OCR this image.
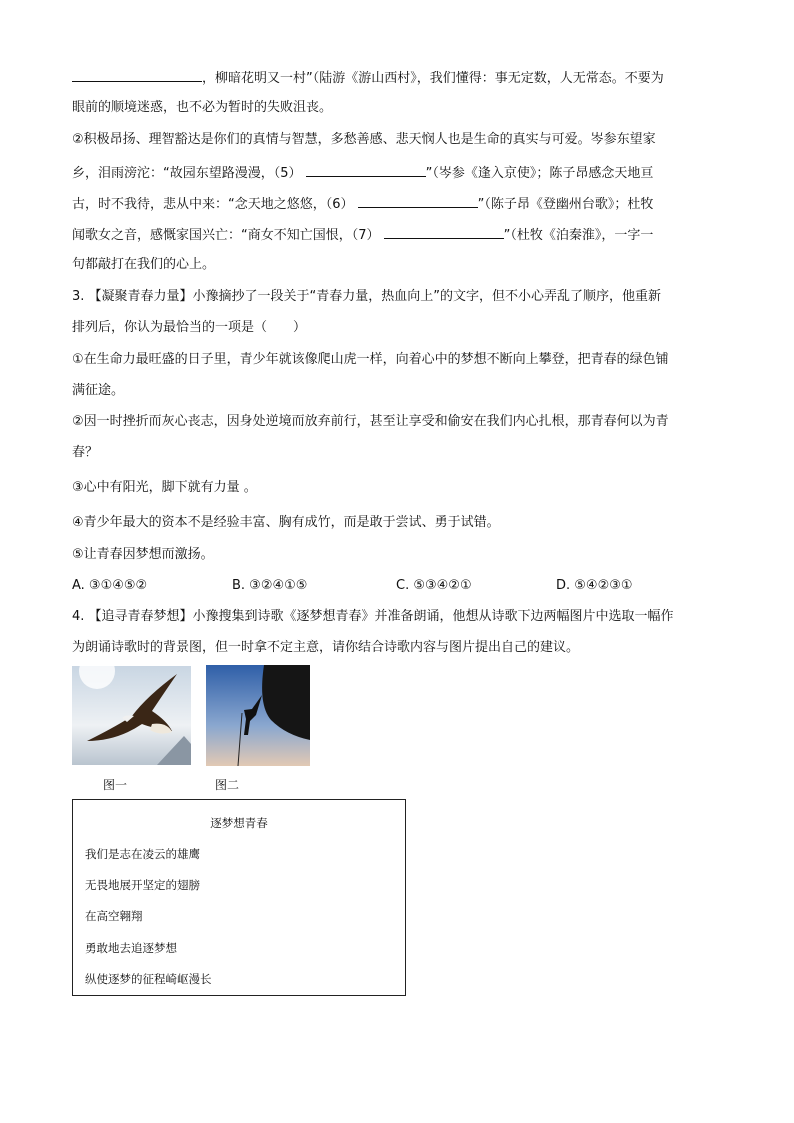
，柳暗花明又一村”（陆游《游山西村》，我们懂得：事无定数，人无常态。不要为
眼前的顺境迷惑，也不必为暂时的失败沮丧。
②积极昂扬、理智豁达是你们的真情与智慧，多愁善感、悲天悯人也是生命的真实与可爱。岑参东望家
乡，泪雨滂沱：“故园东望路漫漫，（5）	”（岑参《逢入京使》；陈子昂感念天地亘
古，时不我待，悲从中来：“念天地之悠悠，（6）	”（陈子昂《登幽州台歌》；杜牧
闻歌女之音，感慨家国兴亡：“商女不知亡国恨，（7）	”（杜牧《泊秦淮》，一字一
句都敲打在我们的心上。
3. 【凝聚青春力量】小豫摘抄了一段关于“青春力量，热血向上”的文字，但不小心弄乱了顺序，他重新
排列后，你认为最恰当的一项是（　　）
①在生命力最旺盛的日子里，青少年就该像爬山虎一样，向着心中的梦想不断向上攀登，把青春的绿色铺
满征途。
②因一时挫折而灰心丧志，因身处逆境而放弃前行，甚至让享受和偷安在我们内心扎根，那青春何以为青
春？
③心中有阳光，脚下就有力量 。
④青少年最大的资本不是经验丰富、胸有成竹，而是敢于尝试、勇于试错。
⑤让青春因梦想而激扬。
A. ③①④⑤②	B. ③②④①⑤	C. ⑤③④②①	D. ⑤④②③①
4. 【追寻青春梦想】小豫搜集到诗歌《逐梦想青春》并准备朗诵，他想从诗歌下边两幅图片中选取一幅作
为朗诵诗歌时的背景图，但一时拿不定主意，请你结合诗歌内容与图片提出自己的建议。
图一	图二
逐梦想青春
我们是志在凌云的雄鹰
无畏地展开坚定的翅膀
在高空翱翔
勇敢地去追逐梦想
纵使逐梦的征程崎岖漫长
